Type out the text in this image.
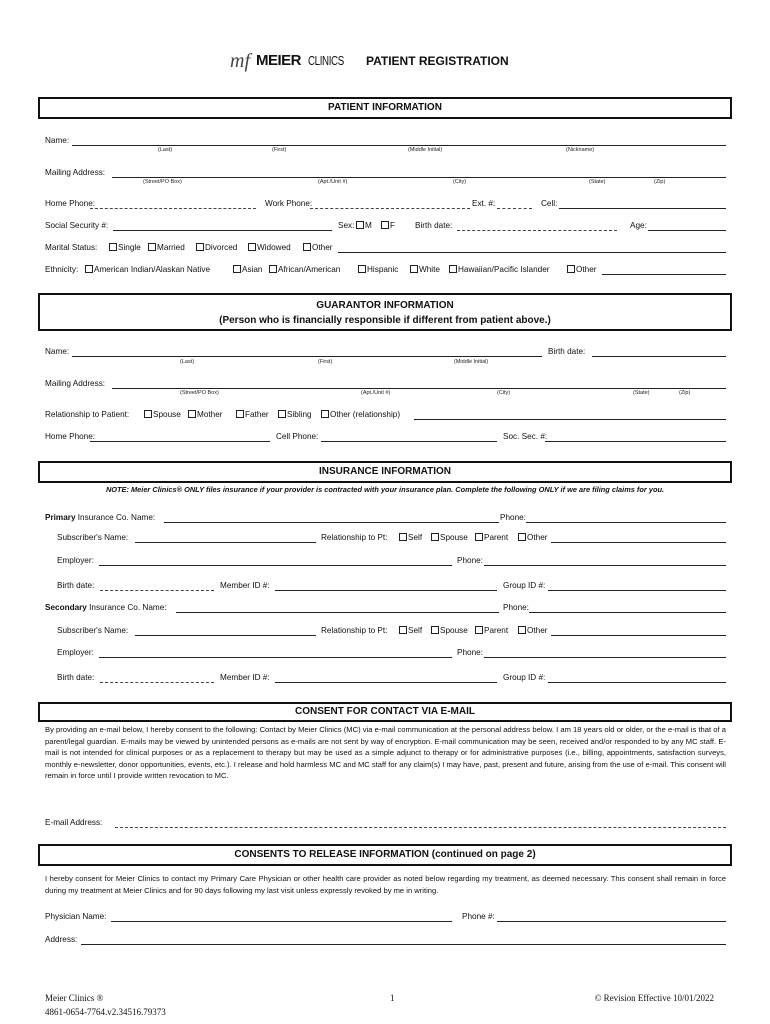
mf MEIER CLINICS PATIENT REGISTRATION
PATIENT INFORMATION
Name:
(Last)	(First)	(Middle Initial)	(Nickname)
Mailing Address:
(Street/PO Box)	(Apt./Unit #)	(City)	(State)	(Zip)
Home Phone:	Work Phone:	Ext. #:	Cell:
Social Security #:	Sex:	M	F Birth date:	Age:
Marital Status:	Single	Married	Divorced	Widowed	Other
Ethnicity:	American Indian/Alaskan Native	Asian	African/American	Hispanic	White	Hawaiian/Pacific Islander	Other
GUARANTOR INFORMATION
(Person who is financially responsible if different from patient above.)
Name:	Birth date:
(Last)	(First)	(Middle Initial)
Mailing Address:
(Street/PO Box)	(Apt./Unit #)	(City)	(State)	(Zip)
Relationship to Patient:	Spouse	Mother	Father	Sibling	Other (relationship)
Home Phone:	Cell Phone:	Soc. Sec. #:
INSURANCE INFORMATION
NOTE: Meier Clinics® ONLY files insurance if your provider is contracted with your insurance plan. Complete the following ONLY if we are filing claims for you.
Primary Insurance Co. Name:	Phone:
Subscriber's Name:	Relationship to Pt:	Self	Spouse	Parent	Other
Employer:	Phone:
Birth date:	Member ID #:	Group ID #:
Secondary Insurance Co. Name:	Phone:
Subscriber's Name:	Relationship to Pt:	Self	Spouse	Parent	Other
Employer:	Phone:
Birth date:	Member ID #:	Group ID #:
CONSENT FOR CONTACT VIA E-MAIL
By providing an e-mail below, I hereby consent to the following: Contact by Meier Clinics (MC) via e-mail communication at the personal address below. I am 18 years old or older, or the e-mail is that of a parent/legal guardian. E-mails may be viewed by unintended persons as e-mails are not sent by way of encryption. E-mail communication may be seen, received and/or responded to by any MC staff. E-mail is not intended for clinical purposes or as a replacement to therapy but may be used as a simple adjunct to therapy or for administrative purposes (i.e., billing, appointments, satisfaction surveys, monthly e-newsletter, donor opportunities, events, etc.). I release and hold harmless MC and MC staff for any claim(s) I may have, past, present and future, arising from the use of e-mail. This consent will remain in force until I provide written revocation to MC.
E-mail Address:
CONSENTS TO RELEASE INFORMATION (continued on page 2)
I hereby consent for Meier Clinics to contact my Primary Care Physician or other health care provider as noted below regarding my treatment, as deemed necessary. This consent shall remain in force during my treatment at Meier Clinics and for 90 days following my last visit unless expressly revoked by me in writing.
Physician Name:	Phone #:
Address:
Meier Clinics ®
4861-0654-7764.v2.34516.79373
1	© Revision Effective 10/01/2022
